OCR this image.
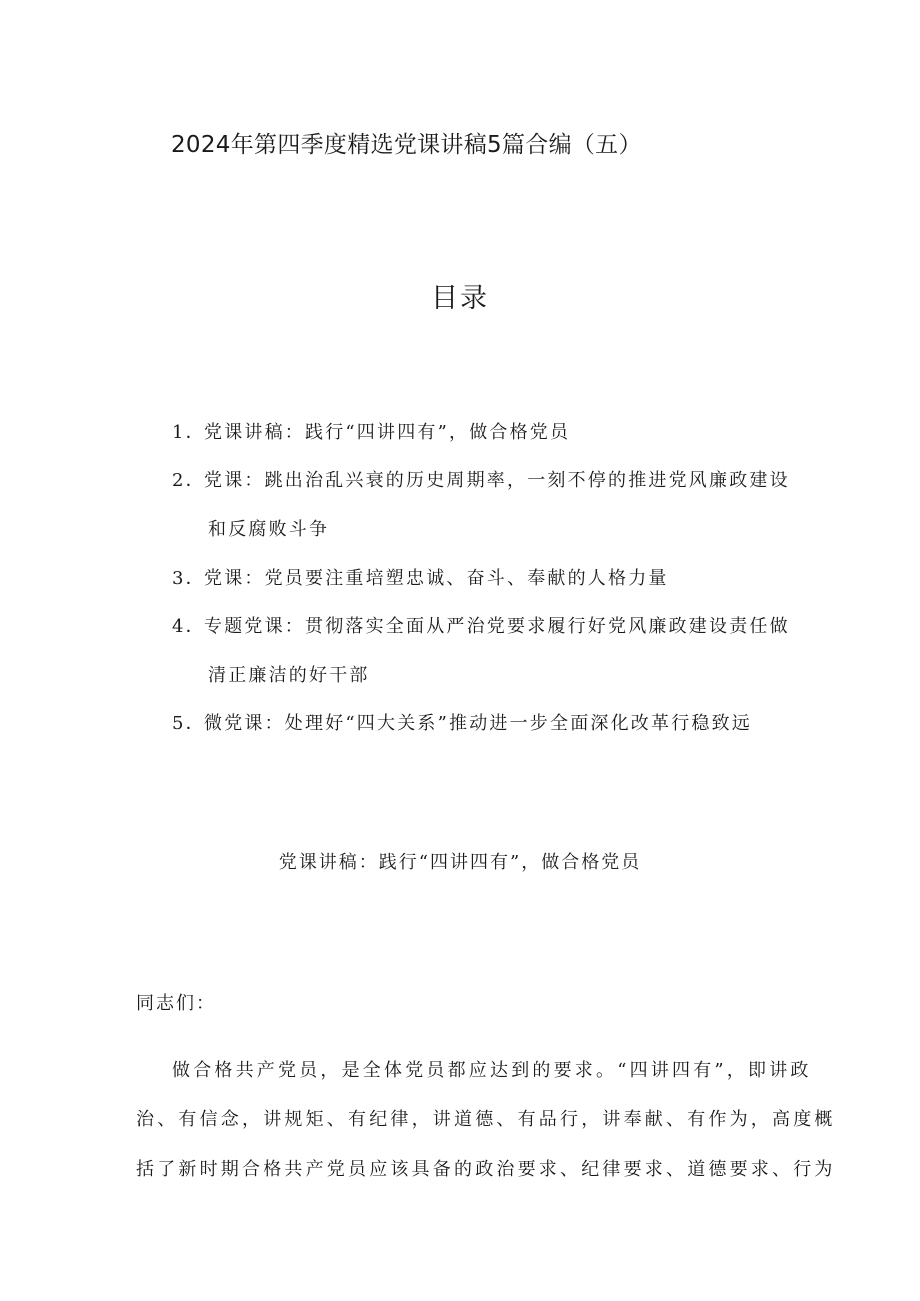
2024年第四季度精选党课讲稿5篇合编（五）
目录
1．党课讲稿：践行“四讲四有”，做合格党员
2．党课：跳出治乱兴衰的历史周期率，一刻不停的推进党风廉政建设
和反腐败斗争
3．党课：党员要注重培塑忠诚、奋斗、奉献的人格力量
4．专题党课：贯彻落实全面从严治党要求履行好党风廉政建设责任做
清正廉洁的好干部
5．微党课：处理好“四大关系”推动进一步全面深化改革行稳致远
党课讲稿：践行“四讲四有”，做合格党员
同志们：
做合格共产党员，是全体党员都应达到的要求。“四讲四有”，即讲政
治、有信念，讲规矩、有纪律，讲道德、有品行，讲奉献、有作为，高度概
括了新时期合格共产党员应该具备的政治要求、纪律要求、道德要求、行为
